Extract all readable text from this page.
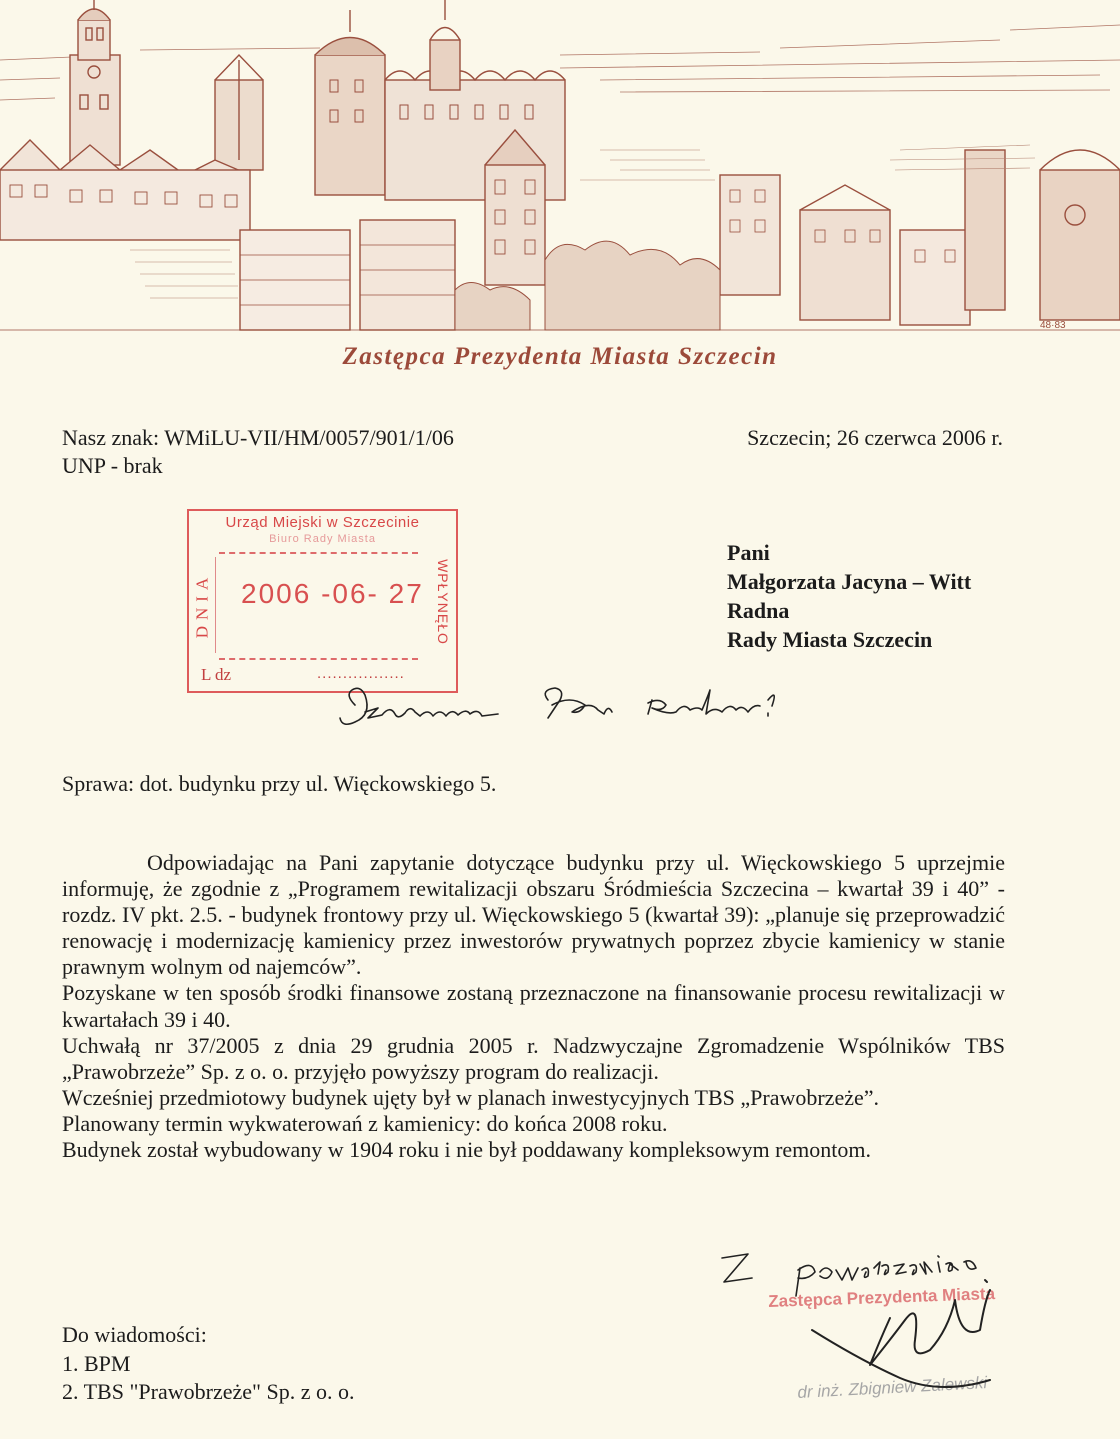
48·83
Zastępca Prezydenta Miasta Szczecin
Nasz znak: WMiLU-VII/HM/0057/901/1/06
UNP - brak
Szczecin; 26 czerwca 2006 r.
Urząd Miejski w Szczecinie
Biuro Rady Miasta
DNIA	WPŁYNĘŁO
2006 -06- 27
L dz	.................
Pani
Małgorzata Jacyna – Witt
Radna
Rady Miasta Szczecin
Sprawa: dot. budynku przy ul. Więckowskiego 5.

Odpowiadając na Pani zapytanie dotyczące budynku przy ul. Więckowskiego 5 uprzejmie informuję, że zgodnie z „Programem rewitalizacji obszaru Śródmieścia Szczecina – kwartał 39 i 40” - rozdz. IV pkt. 2.5. - budynek frontowy przy ul. Więckowskiego 5 (kwartał 39): „planuje się przeprowadzić renowację i modernizację kamienicy przez inwestorów prywatnych poprzez zbycie kamienicy w stanie prawnym wolnym od najemców”.

Pozyskane w ten sposób środki finansowe zostaną przeznaczone na finansowanie procesu rewitalizacji w kwartałach 39 i 40.

Uchwałą nr 37/2005 z dnia 29 grudnia 2005 r. Nadzwyczajne Zgromadzenie Wspólników TBS „Prawobrzeże” Sp. z o. o. przyjęło powyższy program do realizacji.

Wcześniej przedmiotowy budynek ujęty był w planach inwestycyjnych TBS „Prawobrzeże”.

Planowany termin wykwaterowań z kamienicy: do końca 2008 roku.

Budynek został wybudowany w 1904 roku i nie był poddawany kompleksowym remontom.

Do wiadomości:
1. BPM
2. TBS "Prawobrzeże" Sp. z o. o.
Zastępca Prezydenta Miasta
dr inż. Zbigniew Zalewski
